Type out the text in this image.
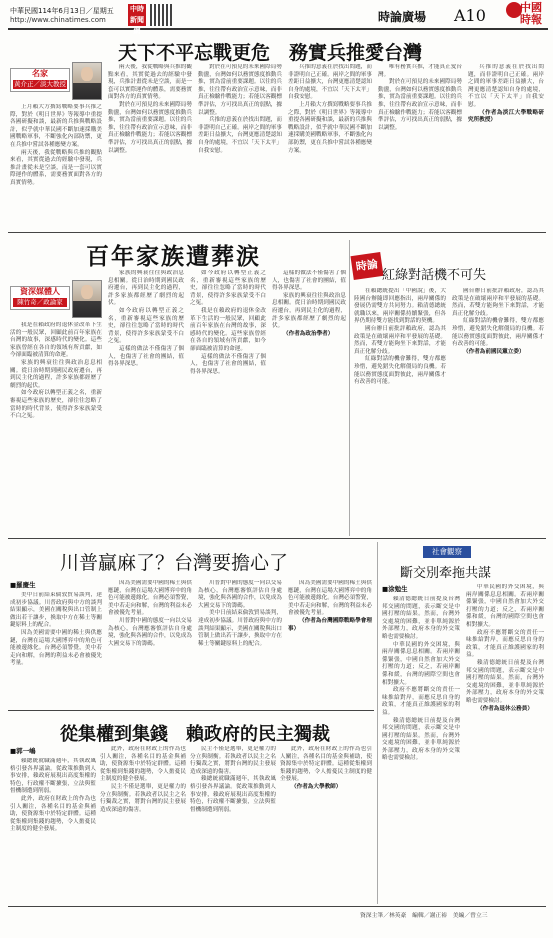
中華民國114年6月13日／星期五
http://www.chinatimes.com
中時 新聞網
時論廣場 A10	中國 時報
天下不平忘戰更危　務實兵推愛台灣
名家
黃介正／淡大教授

上月賴大方撰寫戰略要事兵推之際，對於《明日世界》等報導中重提各國研擬和談，最新的兵推與戰略設計，似乎就中華民國不斷加速採購美國戰略軍事，不斷強化內部防禦，更在兵推中嘗試各種應變方案。

兩天後，我從戰略與兵推的觀點來看，其實從過去的經驗中發現，兵推計畫從未是空談，而是一套可以實際運作的體系，需要務實面對各方的真實情勢。

兩天後，我從戰略與兵推的觀點來看，其實從過去的經驗中發現，兵推計畫從未是空談，而是一套可以實際運作的體系，需要務實面對各方的真實情勢。

對於在可預見的未來國際局勢動盪，台灣如何以務實態度推動兵推，實為當前重要課題。以往的兵推，往往帶有政治宣示意味，而非真正檢驗作戰能力；若能以客觀標準評估，方可找出真正的弱點，據以調整。

對於在可預見的未來國際局勢動盪，台灣如何以務實態度推動兵推，實為當前重要課題。以往的兵推，往往帶有政治宣示意味，而非真正檢驗作戰能力；若能以客觀標準評估，方可找出真正的弱點，據以調整。

兵推的意義在於找出問題，而非證明自己正確。兩岸之間的軍事差距日益擴大，台灣更應清楚認知自身的處境，不宜以「天下太平」自我安慰。

兵推的意義在於找出問題，而非證明自己正確。兩岸之間的軍事差距日益擴大，台灣更應清楚認知自身的處境，不宜以「天下太平」自我安慰。

上月賴大方撰寫戰略要事兵推之際，對於《明日世界》等報導中重提各國研擬和談，最新的兵推與戰略設計，似乎就中華民國不斷加速採購美國戰略軍事，不斷強化內部防禦，更在兵推中嘗試各種應變方案。

唯有務實兵推，才能真正愛台灣。

對於在可預見的未來國際局勢動盪，台灣如何以務實態度推動兵推，實為當前重要課題。以往的兵推，往往帶有政治宣示意味，而非真正檢驗作戰能力；若能以客觀標準評估，方可找出真正的弱點，據以調整。

兵推的意義在於找出問題，而非證明自己正確。兩岸之間的軍事差距日益擴大，台灣更應清楚認知自身的處境，不宜以「天下太平」自我安慰。

（作者為淡江大學戰略研究所教授）

百年家族遭葬涙
資深媒體人
陳竹奇／政論家

我是在賴政府的退休金改革下生活的一般民眾，回顧此前百年家族在台灣的故事，深感時代的變化。這些家族曾經在各自的領域有所貢獻，如今卻面臨被清算的命運。

家族的興衰往往與政治息息相關。從日治時期到國民政府遷台，再到民主化的過程，許多家族都經歷了劇烈的起伏。

如今政府以轉型正義之名，重新審視這些家族的歷史，卻往往忽略了當時的時代背景，使得許多家族蒙受不白之冤。

家族的興衰往往與政治息息相關。從日治時期到國民政府遷台，再到民主化的過程，許多家族都經歷了劇烈的起伏。

如今政府以轉型正義之名，重新審視這些家族的歷史，卻往往忽略了當時的時代背景，使得許多家族蒙受不白之冤。

這樣的做法不僅傷害了個人，也傷害了社會的團結，值得各界深思。

如今政府以轉型正義之名，重新審視這些家族的歷史，卻往往忽略了當時的時代背景，使得許多家族蒙受不白之冤。

我是在賴政府的退休金改革下生活的一般民眾，回顧此前百年家族在台灣的故事，深感時代的變化。這些家族曾經在各自的領域有所貢獻，如今卻面臨被清算的命運。

這樣的做法不僅傷害了個人，也傷害了社會的團結，值得各界深思。

這樣的做法不僅傷害了個人，也傷害了社會的團結，值得各界深思。

家族的興衰往往與政治息息相關。從日治時期到國民政府遷台，再到民主化的過程，許多家族都經歷了劇烈的起伏。

（作者為政治學者）

時論
紅綠對話機不可失

在賴總統提出「中國說」後，大陸國台辦隨即回應指出，兩岸關係的發展仍需雙方共同努力。賴清德總統就職以來，兩岸關係持續緊張，但各界仍期待雙方能找到對話的契機。

國台辦日前批評賴政府，認為其政策是在破壞兩岸和平發展的基礎。然而，若雙方能夠坐下來對話，才能真正化解分歧。

紅綠對話的機會難得，雙方都應珍惜，避免錯失化解僵局的良機。若能以務實態度面對彼此，兩岸關係才有改善的可能。

國台辦日前批評賴政府，認為其政策是在破壞兩岸和平發展的基礎。然而，若雙方能夠坐下來對話，才能真正化解分歧。

紅綠對話的機會難得，雙方都應珍惜，避免錯失化解僵局的良機。若能以務實態度面對彼此，兩岸關係才有改善的可能。

（作者為前國民黨立委）

川普贏麻了？台灣要擔心了
■羅慶生

美中日前結束倫敦貿易談判，達成初步協議。川普政府與中方的談判結果顯示，美國在關稅與出口管制上做出若干讓步，換取中方在稀土等關鍵原料上的配合。

因為美國需要中國的稀土與供應鏈，台灣在這場大國博弈中的角色可能被邊緣化。台灣必須警覺，美中若走向和解，台灣的利益未必會被優先考量。

因為美國需要中國的稀土與供應鏈，台灣在這場大國博弈中的角色可能被邊緣化。台灣必須警覺，美中若走向和解，台灣的利益未必會被優先考量。

川普對中國的態度一向以交易為核心，台灣應審慎評估自身處境，強化與各國的合作，以免成為大國交易下的籌碼。

川普對中國的態度一向以交易為核心，台灣應審慎評估自身處境，強化與各國的合作，以免成為大國交易下的籌碼。

美中日前結束倫敦貿易談判，達成初步協議。川普政府與中方的談判結果顯示，美國在關稅與出口管制上做出若干讓步，換取中方在稀土等關鍵原料上的配合。

因為美國需要中國的稀土與供應鏈，台灣在這場大國博弈中的角色可能被邊緣化。台灣必須警覺，美中若走向和解，台灣的利益未必會被優先考量。

（作者為台灣國際戰略學會理事）

社會觀察
斷交別牽拖共謀
■涂勉生

賴清德總統日前提及台灣邦交國的問題，表示斷交是中國打壓的結果。然而，台灣外交處境的困難，並非單純源於外部壓力，政府本身的外交策略也需要檢討。

中華民國的外交困境，與兩岸關係息息相關。若兩岸關係緊張，中國自然會加大外交打壓的力道；反之，若兩岸關係和緩，台灣的國際空間也會相對擴大。

政府不應將斷交的責任一味推給對岸，而應反思自身的政策，才能真正維護國家的利益。

賴清德總統日前提及台灣邦交國的問題，表示斷交是中國打壓的結果。然而，台灣外交處境的困難，並非單純源於外部壓力，政府本身的外交策略也需要檢討。

中華民國的外交困境，與兩岸關係息息相關。若兩岸關係緊張，中國自然會加大外交打壓的力道；反之，若兩岸關係和緩，台灣的國際空間也會相對擴大。

政府不應將斷交的責任一味推給對岸，而應反思自身的政策，才能真正維護國家的利益。

賴清德總統日前提及台灣邦交國的問題，表示斷交是中國打壓的結果。然而，台灣外交處境的困難，並非單純源於外部壓力，政府本身的外交策略也需要檢討。

（作者為退休公務員）

從集權到集錢　賴政府的民主獨裁
■郭一嶋

賴總統就職滿週年，其執政風格引發各界議論。從政策推動到人事安排，賴政府展現出高度集權的特色，行政權不斷擴張，立法與監督機制遭到削弱。

此外，政府在財政上的作為也引人關注，各種名目的基金與補助，使資源集中於特定群體。這種從集權到集錢的趨勢，令人擔憂民主制度的健全發展。

此外，政府在財政上的作為也引人關注，各種名目的基金與補助，使資源集中於特定群體。這種從集權到集錢的趨勢，令人擔憂民主制度的健全發展。

民主不僅是選舉，更是權力的分立與制衡。若執政者以民主之名行獨裁之實，將對台灣的民主發展造成深遠的傷害。

民主不僅是選舉，更是權力的分立與制衡。若執政者以民主之名行獨裁之實，將對台灣的民主發展造成深遠的傷害。

賴總統就職滿週年，其執政風格引發各界議論。從政策推動到人事安排，賴政府展現出高度集權的特色，行政權不斷擴張，立法與監督機制遭到削弱。

此外，政府在財政上的作為也引人關注，各種名目的基金與補助，使資源集中於特定群體。這種從集權到集錢的趨勢，令人擔憂民主制度的健全發展。

（作者為大學教師）

資深主筆／林英豪　編輯／謝正裕　美編／曾立三
